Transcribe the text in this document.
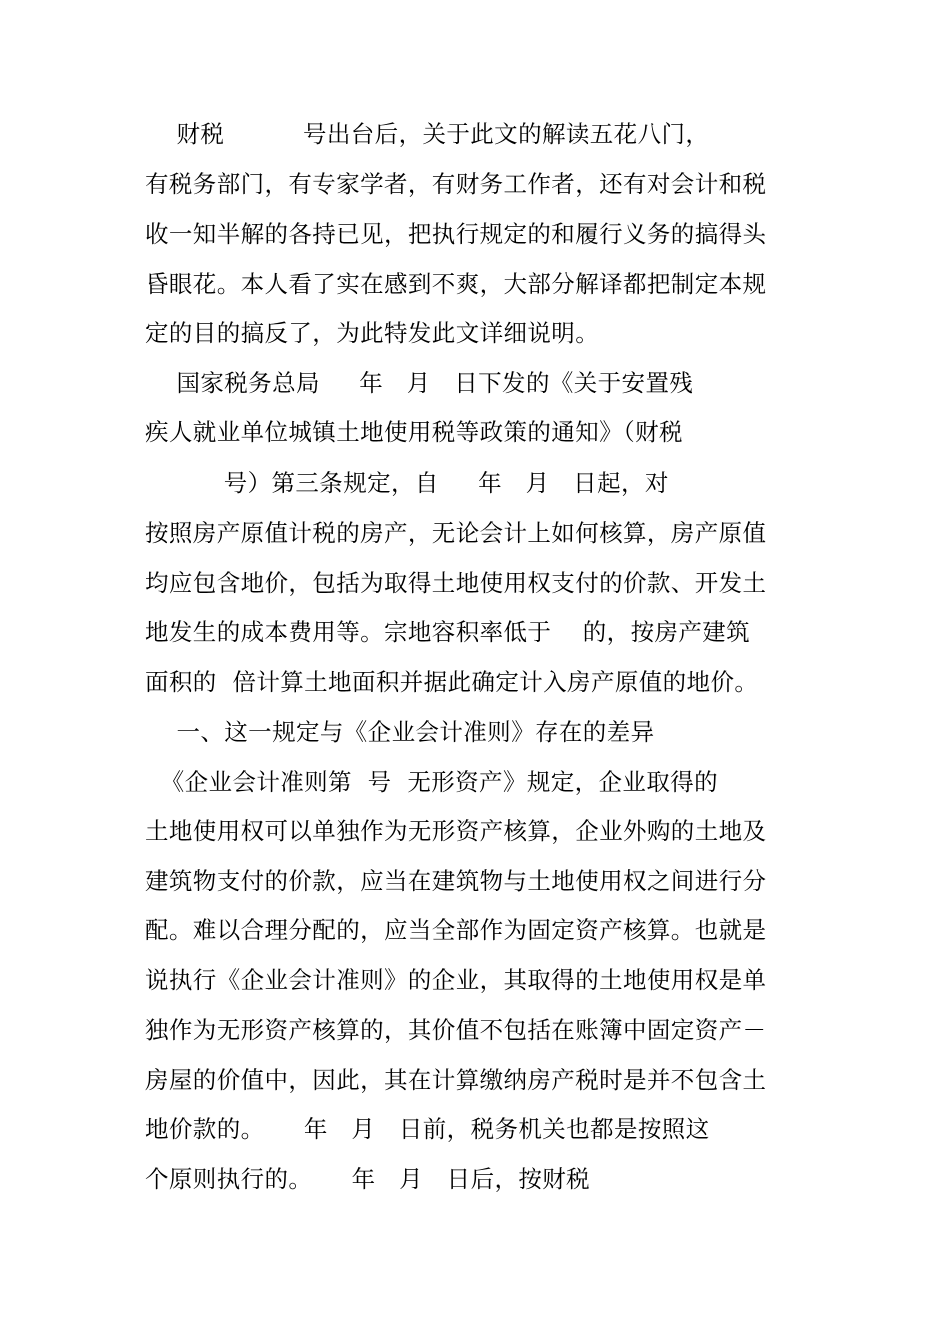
财税          号出台后，关于此文的解读五花八门，
有税务部门，有专家学者，有财务工作者，还有对会计和税
收一知半解的各持已见，把执行规定的和履行义务的搞得头
昏眼花。本人看了实在感到不爽，大部分解译都把制定本规
定的目的搞反了，为此特发此文详细说明。
国家税务总局     年   月   日下发的《关于安置残
疾人就业单位城镇土地使用税等政策的通知》（财税
号）第三条规定，自     年   月   日起，对
按照房产原值计税的房产，无论会计上如何核算，房产原值
均应包含地价，包括为取得土地使用权支付的价款、开发土
地发生的成本费用等。宗地容积率低于    的，按房产建筑
面积的  倍计算土地面积并据此确定计入房产原值的地价。
一、这一规定与《企业会计准则》存在的差异
《企业会计准则第  号  无形资产》规定，企业取得的
土地使用权可以单独作为无形资产核算，企业外购的土地及
建筑物支付的价款，应当在建筑物与土地使用权之间进行分
配。难以合理分配的，应当全部作为固定资产核算。也就是
说执行《企业会计准则》的企业，其取得的土地使用权是单
独作为无形资产核算的，其价值不包括在账簿中固定资产－
房屋的价值中，因此，其在计算缴纳房产税时是并不包含土
地价款的。     年   月   日前，税务机关也都是按照这
个原则执行的。     年   月   日后，按财税
